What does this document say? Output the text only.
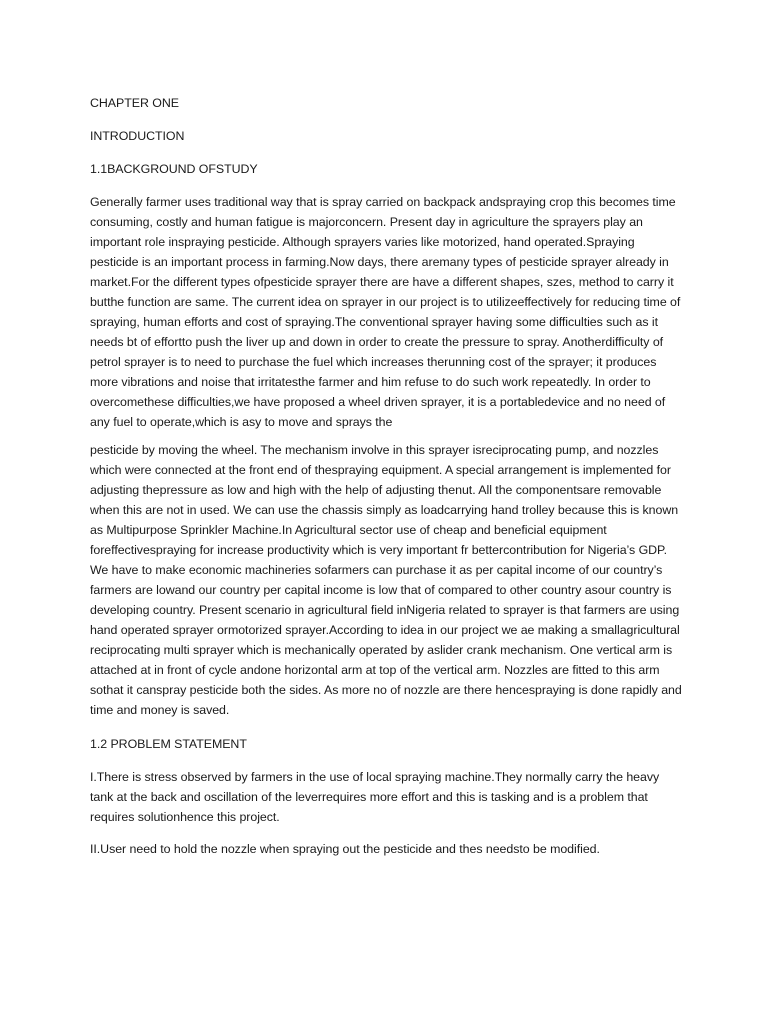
CHAPTER ONE

INTRODUCTION

1.1BACKGROUND OFSTUDY

Generally farmer uses traditional way that is spray carried on backpack andspraying crop this becomes time consuming, costly and human fatigue is majorconcern. Present day in agriculture the sprayers play an important role inspraying pesticide. Although sprayers varies like motorized, hand operated.Spraying pesticide is an important process in farming.Now days, there aremany types of pesticide sprayer already in market.For the different types ofpesticide sprayer there are have a different shapes, szes, method to carry it butthe function are same. The current idea on sprayer in our project is to utilizeeffectively for reducing time of spraying, human efforts and cost of spraying.The conventional sprayer having some difficulties such as it needs bt of effortto push the liver up and down in order to create the pressure to spray. Anotherdifficulty of petrol sprayer is to need to purchase the fuel which increases therunning cost of the sprayer; it produces more vibrations and noise that irritatesthe farmer and him refuse to do such work repeatedly. In order to overcomethese difficulties,we have proposed a wheel driven sprayer, it is a portabledevice and no need of any fuel to operate,which is asy to move and sprays the

pesticide by moving the wheel. The mechanism involve in this sprayer isreciprocating pump, and nozzles which were connected at the front end of thespraying equipment. A special arrangement is implemented for adjusting thepressure as low and high with the help of adjusting thenut. All the componentsare removable when this are not in used. We can use the chassis simply as loadcarrying hand trolley because this is known as Multipurpose Sprinkler Machine.In Agricultural sector use of cheap and beneficial equipment foreffectivespraying for increase productivity which is very important fr bettercontribution for Nigeria’s GDP. We have to make economic machineries sofarmers can purchase it as per capital income of our country’s farmers are lowand our country per capital income is low that of compared to other country asour country is developing country. Present scenario in agricultural field inNigeria related to sprayer is that farmers are using hand operated sprayer ormotorized sprayer.According to idea in our project we ae making a smallagricultural reciprocating multi sprayer which is mechanically operated by aslider crank mechanism. One vertical arm is attached at in front of cycle andone horizontal arm at top of the vertical arm. Nozzles are fitted to this arm sothat it canspray pesticide both the sides. As more no of nozzle are there hencespraying is done rapidly and time and money is saved.

1.2 PROBLEM STATEMENT

I.There is stress observed by farmers in the use of local spraying machine.They normally carry the heavy tank at the back and oscillation of the leverrequires more effort and this is tasking and is a problem that requires solutionhence this project.

II.User need to hold the nozzle when spraying out the pesticide and thes needsto be modified.
